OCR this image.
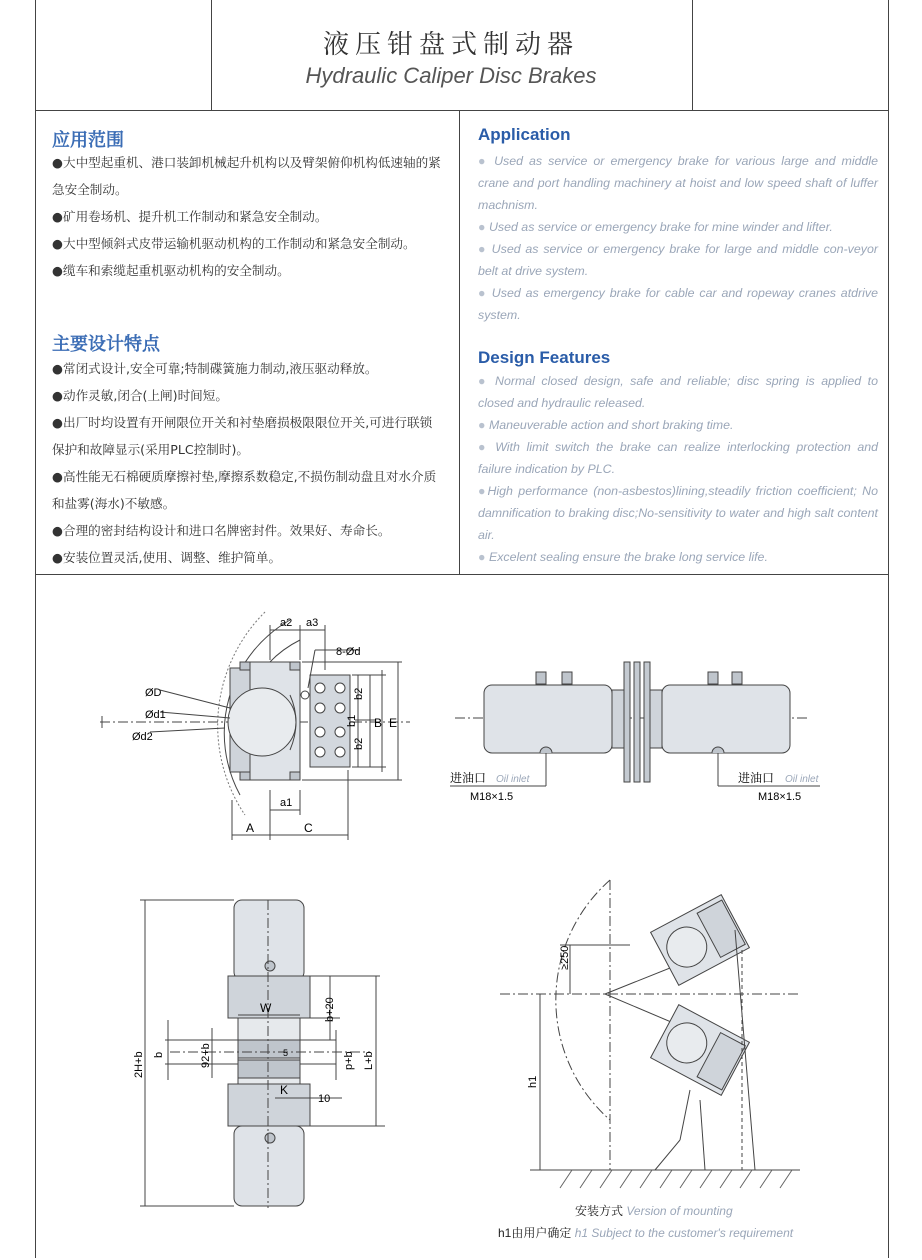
液压钳盘式制动器
Hydraulic Caliper Disc Brakes
应用范围
●大中型起重机、港口装卸机械起升机构以及臂架俯仰机构低速轴的紧急安全制动。
●矿用卷场机、提升机工作制动和紧急安全制动。
●大中型倾斜式皮带运输机驱动机构的工作制动和紧急安全制动。
●缆车和索缆起重机驱动机构的安全制动。
主要设计特点
●常闭式设计,安全可靠;特制碟簧施力制动,液压驱动释放。
●动作灵敏,闭合(上闸)时间短。
●出厂时均设置有开闸限位开关和衬垫磨损极限限位开关,可进行联锁保护和故障显示(采用PLC控制时)。
●高性能无石棉硬质摩擦衬垫,摩擦系数稳定,不损伤制动盘且对水介质和盐雾(海水)不敏感。
●合理的密封结构设计和进口名牌密封件。效果好、寿命长。
●安装位置灵活,使用、调整、维护简单。
Application
● Used as service or emergency brake for various large and middle crane and port handling machinery at hoist and low speed shaft of luffer machnism.
● Used as service or emergency brake for mine winder and lifter.
● Used as service or emergency brake for large and middle con-veyor belt at drive system.
● Used as emergency brake for cable car and ropeway cranes atdrive system.
Design Features
● Normal closed design, safe and reliable; disc spring is applied to closed and hydraulic released.
● Maneuverable action and short braking time.
● With limit switch the brake can realize interlocking protection and failure indication by PLC.
●High performance (non-asbestos)lining,steadily friction coefficient; No damnification to braking disc;No-sensitivity to water and high salt content air.
● Excelent sealing ensure the brake long service life.
a2 a3
8-Ød
ØD
Ød1
Ød2
b2
b1
b2
B E
a1
A	C
进油口 Oil inlet
M18×1.5
进油口 Oil inlet
M18×1.5
W	b+20
2H+b b	92+b	5	p+b L+b
K
10
≥250
h1
安装方式 Version of mounting
h1由用户确定 h1 Subject to the customer's requirement
